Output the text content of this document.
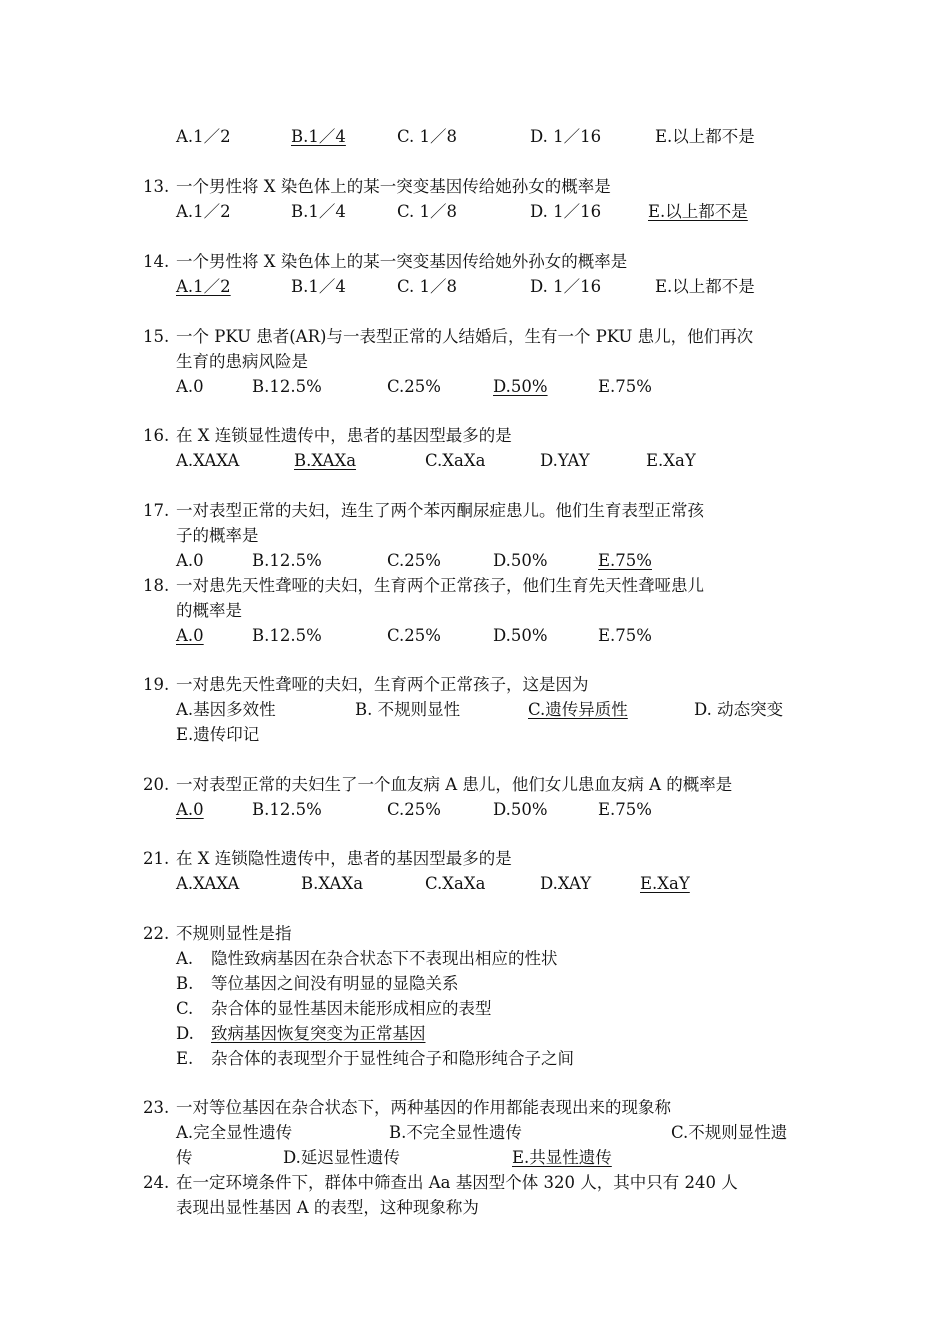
A.1／2	B.1／4	C. 1／8	D. 1／16	E.以上都不是
13. 一个男性将 X 染色体上的某一突变基因传给她孙女的概率是
A.1／2	B.1／4	C. 1／8	D. 1／16	E.以上都不是
14. 一个男性将 X 染色体上的某一突变基因传给她外孙女的概率是
A.1／2	B.1／4	C. 1／8	D. 1／16	E.以上都不是
15. 一个 PKU 患者(AR)与一表型正常的人结婚后，生有一个 PKU 患儿，他们再次
生育的患病风险是
A.0	B.12.5%	C.25%	D.50%	E.75%
16. 在 X 连锁显性遗传中，患者的基因型最多的是
A.XAXA	B.XAXa	C.XaXa	D.YAY	E.XaY
17. 一对表型正常的夫妇，连生了两个苯丙酮尿症患儿。他们生育表型正常孩
子的概率是
A.0	B.12.5%	C.25%	D.50%	E.75%
18. 一对患先天性聋哑的夫妇，生育两个正常孩子，他们生育先天性聋哑患儿
的概率是
A.0	B.12.5%	C.25%	D.50%	E.75%
19. 一对患先天性聋哑的夫妇，生育两个正常孩子，这是因为
A.基因多效性	B. 不规则显性	C.遗传异质性	D. 动态突变
E.遗传印记
20. 一对表型正常的夫妇生了一个血友病 A 患儿，他们女儿患血友病 A 的概率是
A.0	B.12.5%	C.25%	D.50%	E.75%
21. 在 X 连锁隐性遗传中，患者的基因型最多的是
A.XAXA	B.XAXa	C.XaXa	D.XAY	E.XaY
22. 不规则显性是指
A. 隐性致病基因在杂合状态下不表现出相应的性状
B. 等位基因之间没有明显的显隐关系
C. 杂合体的显性基因未能形成相应的表型
D. 致病基因恢复突变为正常基因
E. 杂合体的表现型介于显性纯合子和隐形纯合子之间
23. 一对等位基因在杂合状态下，两种基因的作用都能表现出来的现象称
A.完全显性遗传	B.不完全显性遗传	C.不规则显性遗
传	D.延迟显性遗传	E.共显性遗传
24. 在一定环境条件下，群体中筛查出 Aa 基因型个体 320 人，其中只有 240 人
表现出显性基因 A 的表型，这种现象称为
